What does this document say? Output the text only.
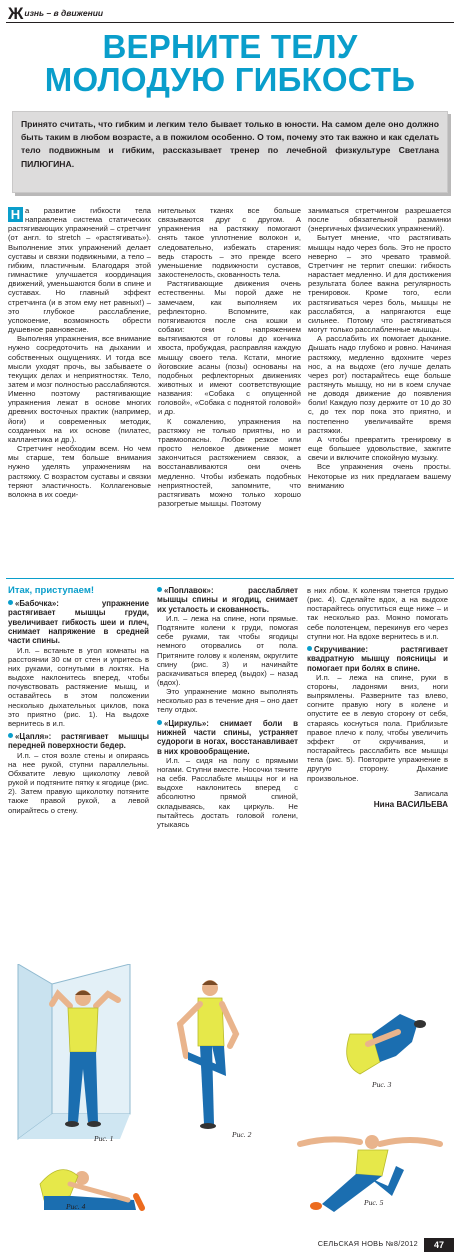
Ж изнь – в движении
ВЕРНИТЕ ТЕЛУ
МОЛОДУЮ ГИБКОСТЬ

Принято считать, что гибким и легким тело бывает только в юности. На самом деле оно должно быть таким в любом возрасте, а в пожилом особенно. О том, почему это так важно и как сделать тело подвижным и гибким, рассказывает тренер по лечебной физкультуре Светлана ПИЛЮГИНА.

Н а развитие гибкости тела направлена система статических растягивающих упражнений – стретчинг (от англ. to stretch – «растягивать»). Выполнение этих упражнений делает суставы и связки подвижными, а тело – гибким, пластичным. Благодаря этой гимнастике улучшается координация движений, уменьшаются боли в спине и суставах. Но главный эффект стретчинга (и в этом ему нет равных!) – это глубокое расслабление, успокоение, возможность обрести душевное равновесие.

Выполняя упражнения, все внимание нужно сосредоточить на дыхании и собственных ощущениях. И тогда все мысли уходят прочь, вы забываете о текущих делах и неприятностях. Тело, затем и мозг полностью расслабляются. Именно поэтому растягивающие упражнения лежат в основе многих древних восточных практик (например, йоги) и современных методик, созданных на их основе (пилатес, калланетика и др.).

Стретчинг необходим всем. Но чем мы старше, тем больше внимания нужно уделять упражнениям на растяжку. С возрастом суставы и связки теряют эластичность. Коллагеновые волокна в их соеди-

нительных тканях все больше связываются друг с другом. А упражнения на растяжку помогают снять такое уплотнение волокон и, следовательно, избежать старения: ведь старость – это прежде всего уменьшение подвижности суставов, закостенелость, скованность тела.

Растягивающие движения очень естественны. Мы порой даже не замечаем, как выполняем их рефлекторно. Вспомните, как потягиваются после сна кошки и собаки: они с напряжением вытягиваются от головы до кончика хвоста, пробуждая, расправляя каждую мышцу своего тела. Кстати, многие йоговские асаны (позы) основаны на подобных рефлекторных движениях животных и имеют соответствующие названия: «Собака с опущенной головой», «Собака с поднятой головой» и др.

К сожалению, упражнения на растяжку не только приятны, но и травмоопасны. Любое резкое или просто неловкое движение может закончиться растяжением связок, а восстанавливаются они очень медленно. Чтобы избежать подобных неприятностей, запомните, что растягивать можно только хорошо разогретые мышцы. Поэтому

заниматься стретчингом разрешается после обязательной разминки (энергичных физических упражнений).

Бытует мнение, что растягивать мышцы надо через боль. Это не просто неверно – это чревато травмой. Стретчинг не терпит спешки: гибкость нарастает медленно. И для достижения результата более важна регулярность тренировок. Кроме того, если растягиваться через боль, мышцы не расслабятся, а напрягаются еще сильнее. Потому что растягиваться могут только расслабленные мышцы.

А расслабить их помогает дыхание. Дышать надо глубоко и ровно. Начиная растяжку, медленно вдохните через нос, а на выдохе (его лучше делать через рот) постарайтесь еще больше растянуть мышцу, но ни в коем случае не доводя движение до появления боли! Каждую позу держите от 10 до 30 с, до тех пор пока это приятно, и постепенно увеличивайте время растяжки.

А чтобы превратить тренировку в еще большее удовольствие, зажгите свечи и включите спокойную музыку.

Все упражнения очень просты. Некоторые из них предлагаем вашему вниманию

Итак, приступаем!

«Бабочка»: упражнение растягивает мышцы груди, увеличивает гибкость шеи и плеч, снимает напряжение в средней части спины.

И.п. – встаньте в угол комнаты на расстоянии 30 см от стен и упритесь в них руками, согнутыми в локтях. На выдохе наклонитесь вперед, чтобы почувствовать растяжение мышц, и оставайтесь в этом положении несколько дыхательных циклов, пока это приятно (рис. 1). На выдохе вернитесь в и.п.

«Цапля»: растягивает мышцы передней поверхности бедер.

И.п. – стоя возле стены и опираясь на нее рукой, ступни параллельны. Обхватите левую щиколотку левой рукой и подтяните пятку к ягодице (рис. 2). Затем правую щиколотку потяните также правой рукой, а левой опирайтесь о стену.

«Поплавок»: расслабляет мышцы спины и ягодиц, снимает их усталость и скованность.

И.п. – лежа на спине, ноги прямые. Подтяните колени к груди, помогая себе руками, так чтобы ягодицы немного оторвались от пола. Притяните голову к коленям, округлите спину (рис. 3) и начинайте раскачиваться вперед (выдох) – назад (вдох).

Это упражнение можно выполнять несколько раз в течение дня – оно дает телу отдых.

«Циркуль»: снимает боли в нижней части спины, устраняет судороги в ногах, восстанавливает в них кровообращение.

И.п. – сидя на полу с прямыми ногами. Ступни вместе. Носочки тяните на себя. Расслабьте мышцы ног и на выдохе наклонитесь вперед с абсолютно прямой спиной, складываясь, как циркуль. Не пытайтесь достать головой голени, утыкаясь

в них лбом. К коленям тянется грудью (рис. 4). Сделайте вдох, а на выдохе постарайтесь опуститься еще ниже – и так несколько раз. Можно помогать себе полотенцем, перекинув его через ступни ног. На вдохе вернитесь в и.п.

Скручивание: растягивает квадратную мышцу поясницы и помогает при болях в спине.

И.п. – лежа на спине, руки в стороны, ладонями вниз, ноги выпрямлены. Разверните таз влево, согните правую ногу в колене и опустите ее в левую сторону от себя, стараясь коснуться пола. Приблизьте правое плечо к полу, чтобы увеличить эффект от скручивания, и постарайтесь расслабить все мышцы тела (рис. 5). Повторите упражнение в другую сторону. Дыхание произвольное.

Записала
Нина ВАСИЛЬЕВА
Рис. 1	Рис. 2
Рис. 3
Рис. 4	Рис. 5
СЕЛЬСКАЯ НОВЬ №8/2012	47
